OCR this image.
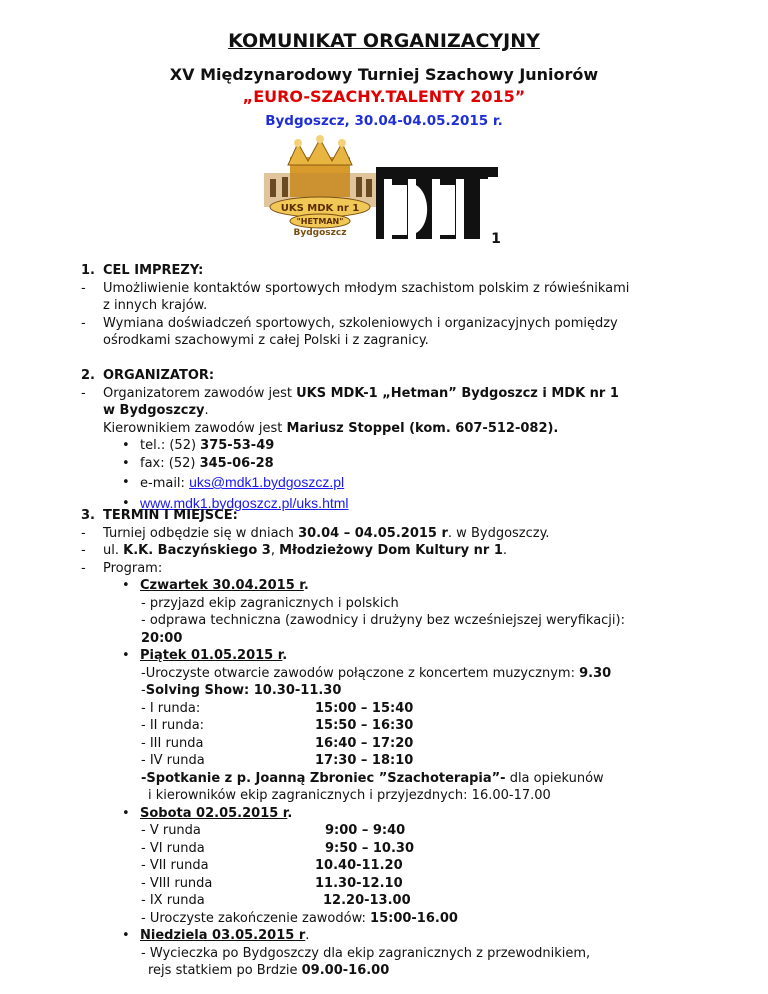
KOMUNIKAT ORGANIZACYJNY
XV Międzynarodowy Turniej Szachowy Juniorów
„EURO-SZACHY.TALENTY 2015”
Bydgoszcz, 30.04-04.05.2015 r.
UKS MDK nr 1
"HETMAN"
Bydgoszcz	1
1. CEL IMPREZY:
- Umożliwienie kontaktów sportowych młodym szachistom polskim z rówieśnikami
z innych krajów.
- Wymiana doświadczeń sportowych, szkoleniowych i organizacyjnych pomiędzy
ośrodkami szachowymi z całej Polski i z zagranicy.
2. ORGANIZATOR:
- Organizatorem zawodów jest UKS MDK-1 „Hetman” Bydgoszcz i MDK nr 1
w Bydgoszczy.
Kierownikiem zawodów jest Mariusz Stoppel (kom. 607-512-082).
• tel.: (52) 375-53-49
• fax: (52) 345-06-28
• e-mail: uks@mdk1.bydgoszcz.pl
• www.mdk1.bydgoszcz.pl/uks.html
3. TERMIN I MIEJSCE:
- Turniej odbędzie się w dniach 30.04 – 04.05.2015 r. w Bydgoszczy.
- ul. K.K. Baczyńskiego 3, Młodzieżowy Dom Kultury nr 1.
- Program:
• Czwartek 30.04.2015 r.
- przyjazd ekip zagranicznych i polskich
- odprawa techniczna (zawodnicy i drużyny bez wcześniejszej weryfikacji):
20:00
• Piątek 01.05.2015 r.
-Uroczyste otwarcie zawodów połączone z koncertem muzycznym: 9.30
-Solving Show: 10.30-11.30
- I runda:	15:00 – 15:40
- II runda:	15:50 – 16:30
- III runda	16:40 – 17:20
- IV runda	17:30 – 18:10
-Spotkanie z p. Joanną Zbroniec ”Szachoterapia”- dla opiekunów
i kierowników ekip zagranicznych i przyjezdnych: 16.00-17.00
• Sobota 02.05.2015 r.
- V runda	9:00 – 9:40
- VI runda	9:50 – 10.30
- VII runda	10.40-11.20
- VIII runda	11.30-12.10
- IX runda	12.20-13.00
- Uroczyste zakończenie zawodów: 15:00-16.00
• Niedziela 03.05.2015 r.
- Wycieczka po Bydgoszczy dla ekip zagranicznych z przewodnikiem,
rejs statkiem po Brdzie 09.00-16.00
